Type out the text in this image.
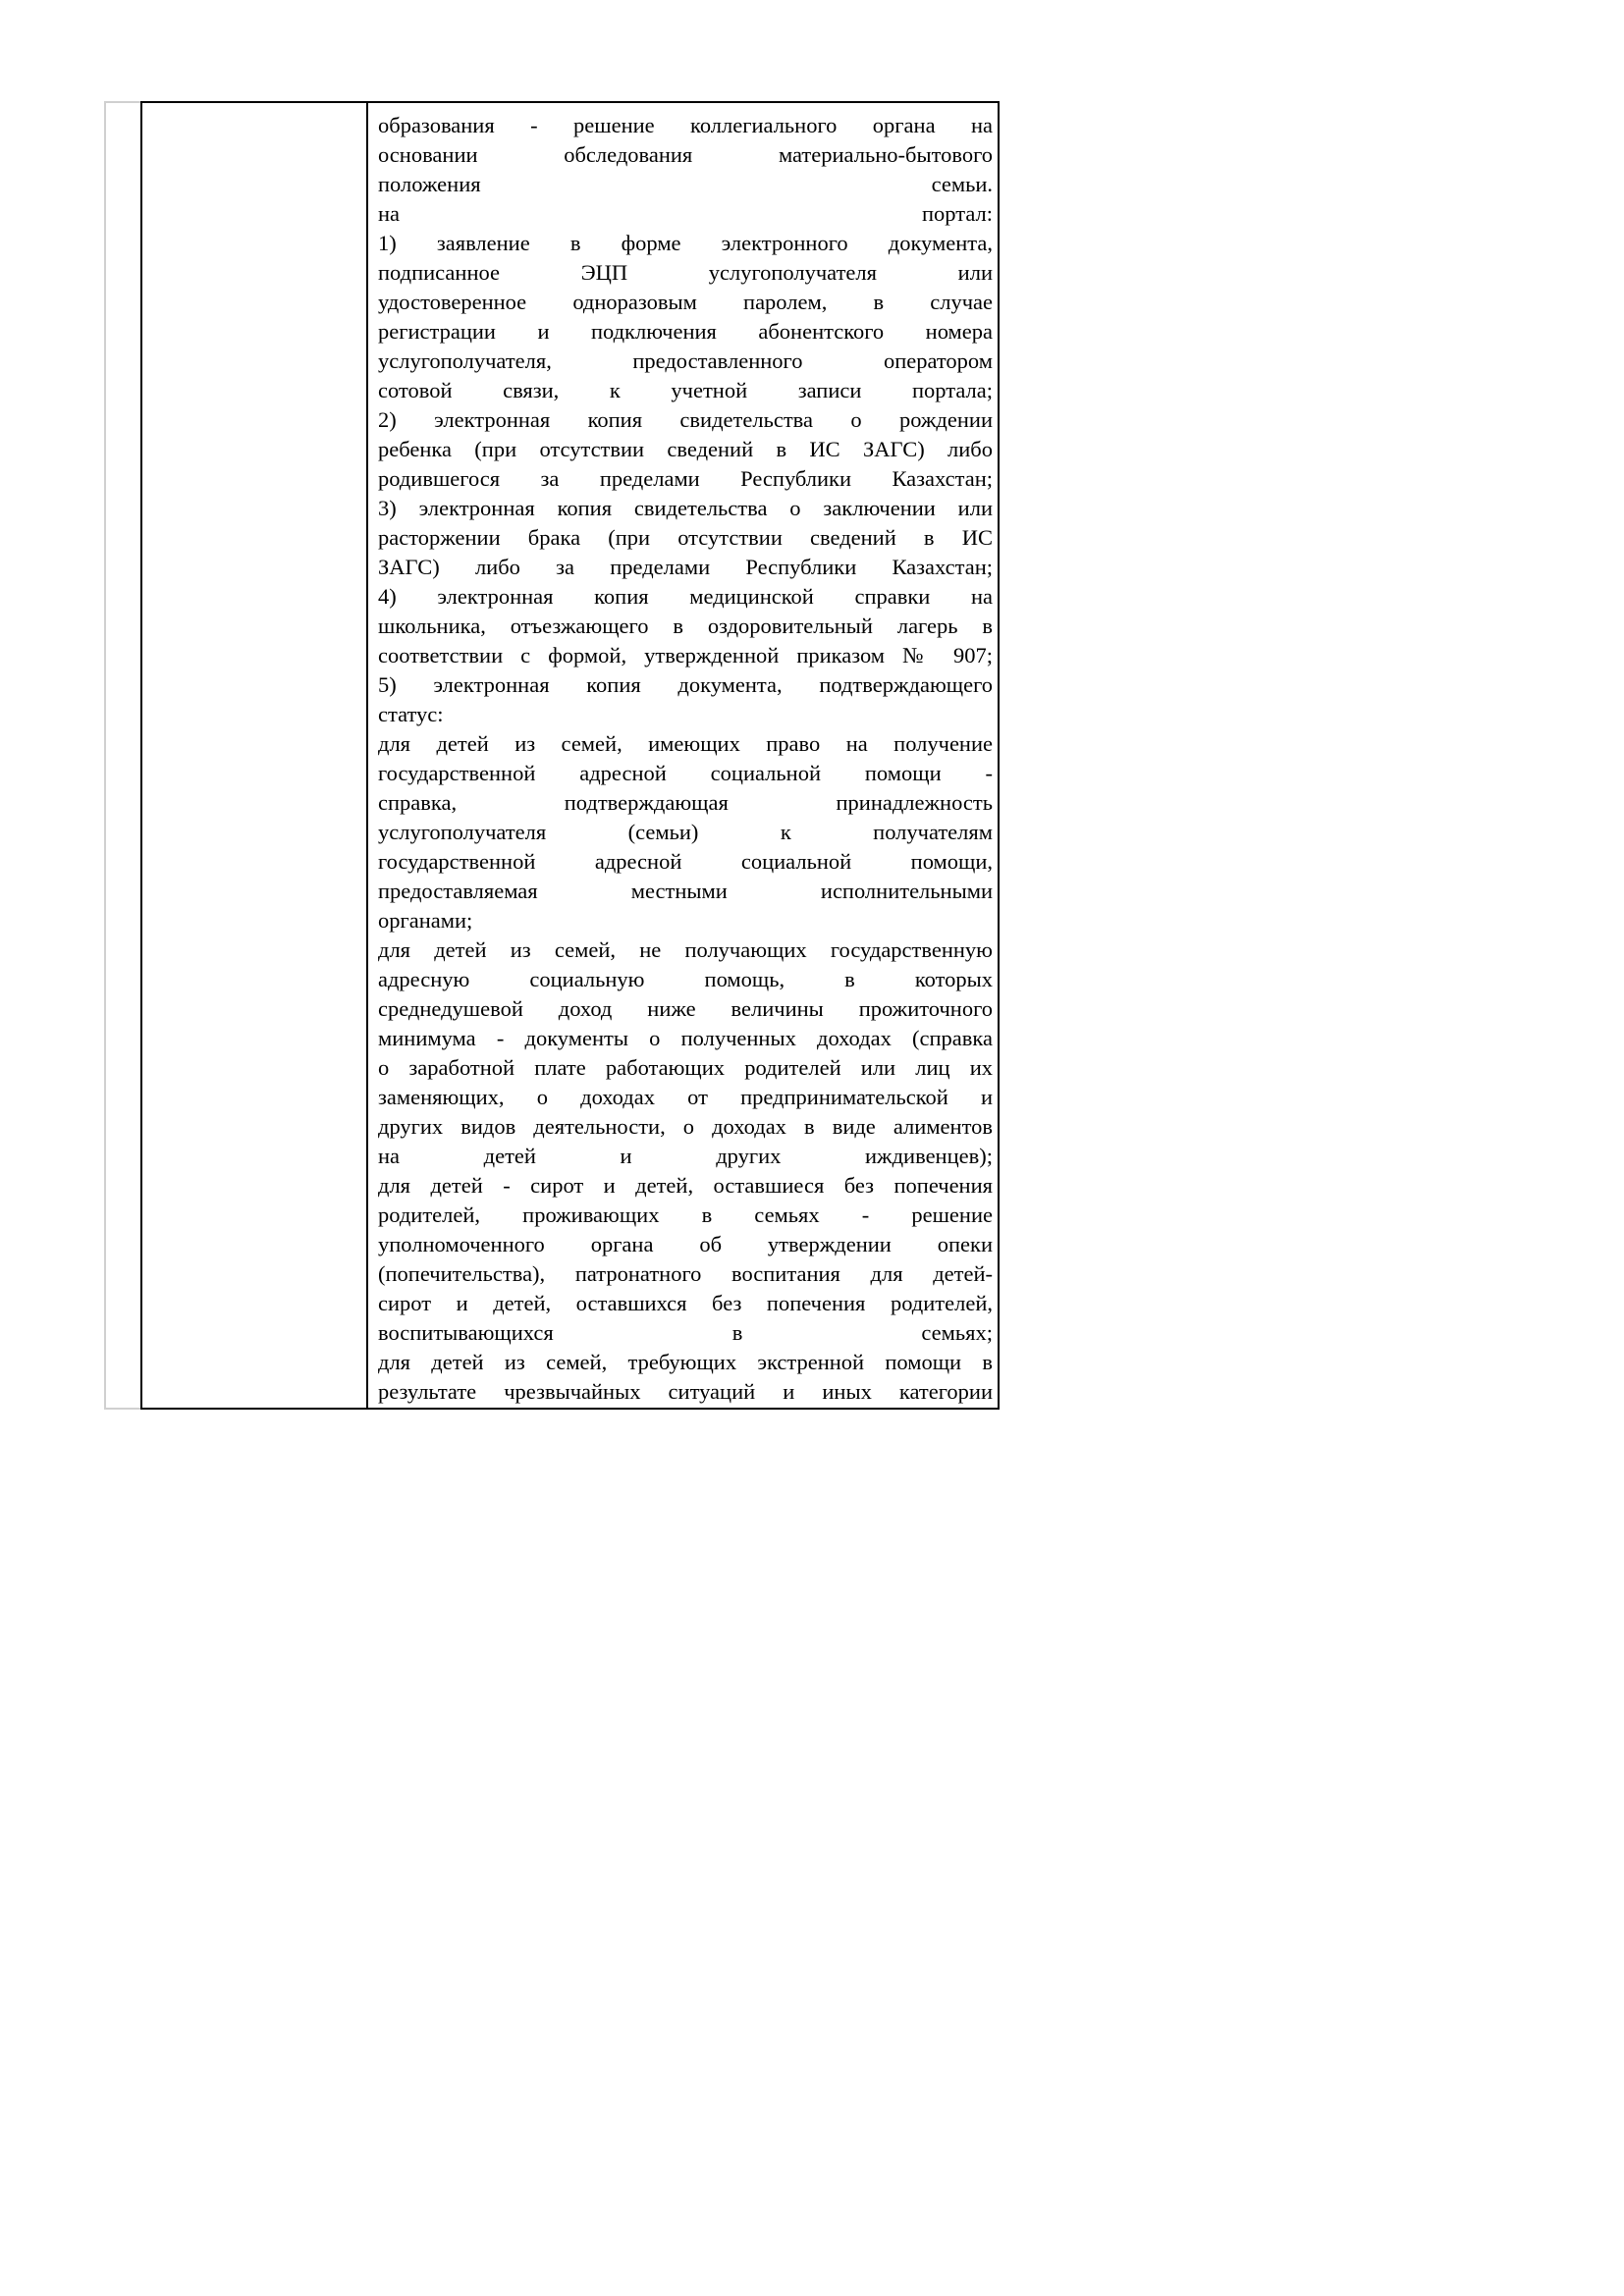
образования - решение коллегиального органа на
основании обследования материально-бытового
положения семьи.
на портал:
1) заявление в форме электронного документа,
подписанное ЭЦП услугополучателя или
удостоверенное одноразовым паролем, в случае
регистрации и подключения абонентского номера
услугополучателя, предоставленного оператором
сотовой связи, к учетной записи портала;
2) электронная копия свидетельства о рождении
ребенка (при отсутствии сведений в ИС ЗАГС) либо
родившегося за пределами Республики Казахстан;
3) электронная копия свидетельства о заключении или
расторжении брака (при отсутствии сведений в ИС
ЗАГС) либо за пределами Республики Казахстан;
4) электронная копия медицинской справки на
школьника, отъезжающего в оздоровительный лагерь в
соответствии с формой, утвержденной приказом № 907;
5) электронная копия документа, подтверждающего
статус:
для детей из семей, имеющих право на получение
государственной адресной социальной помощи -
справка, подтверждающая принадлежность
услугополучателя (семьи) к получателям
государственной адресной социальной помощи,
предоставляемая местными исполнительными
органами;
для детей из семей, не получающих государственную
адресную социальную помощь, в которых
среднедушевой доход ниже величины прожиточного
минимума - документы о полученных доходах (справка
о заработной плате работающих родителей или лиц их
заменяющих, о доходах от предпринимательской и
других видов деятельности, о доходах в виде алиментов
на детей и других иждивенцев);
для детей - сирот и детей, оставшиеся без попечения
родителей, проживающих в семьях - решение
уполномоченного органа об утверждении опеки
(попечительства), патронатного воспитания для детей-
сирот и детей, оставшихся без попечения родителей,
воспитывающихся в семьях;
для детей из семей, требующих экстренной помощи в
результате чрезвычайных ситуаций и иных категории
